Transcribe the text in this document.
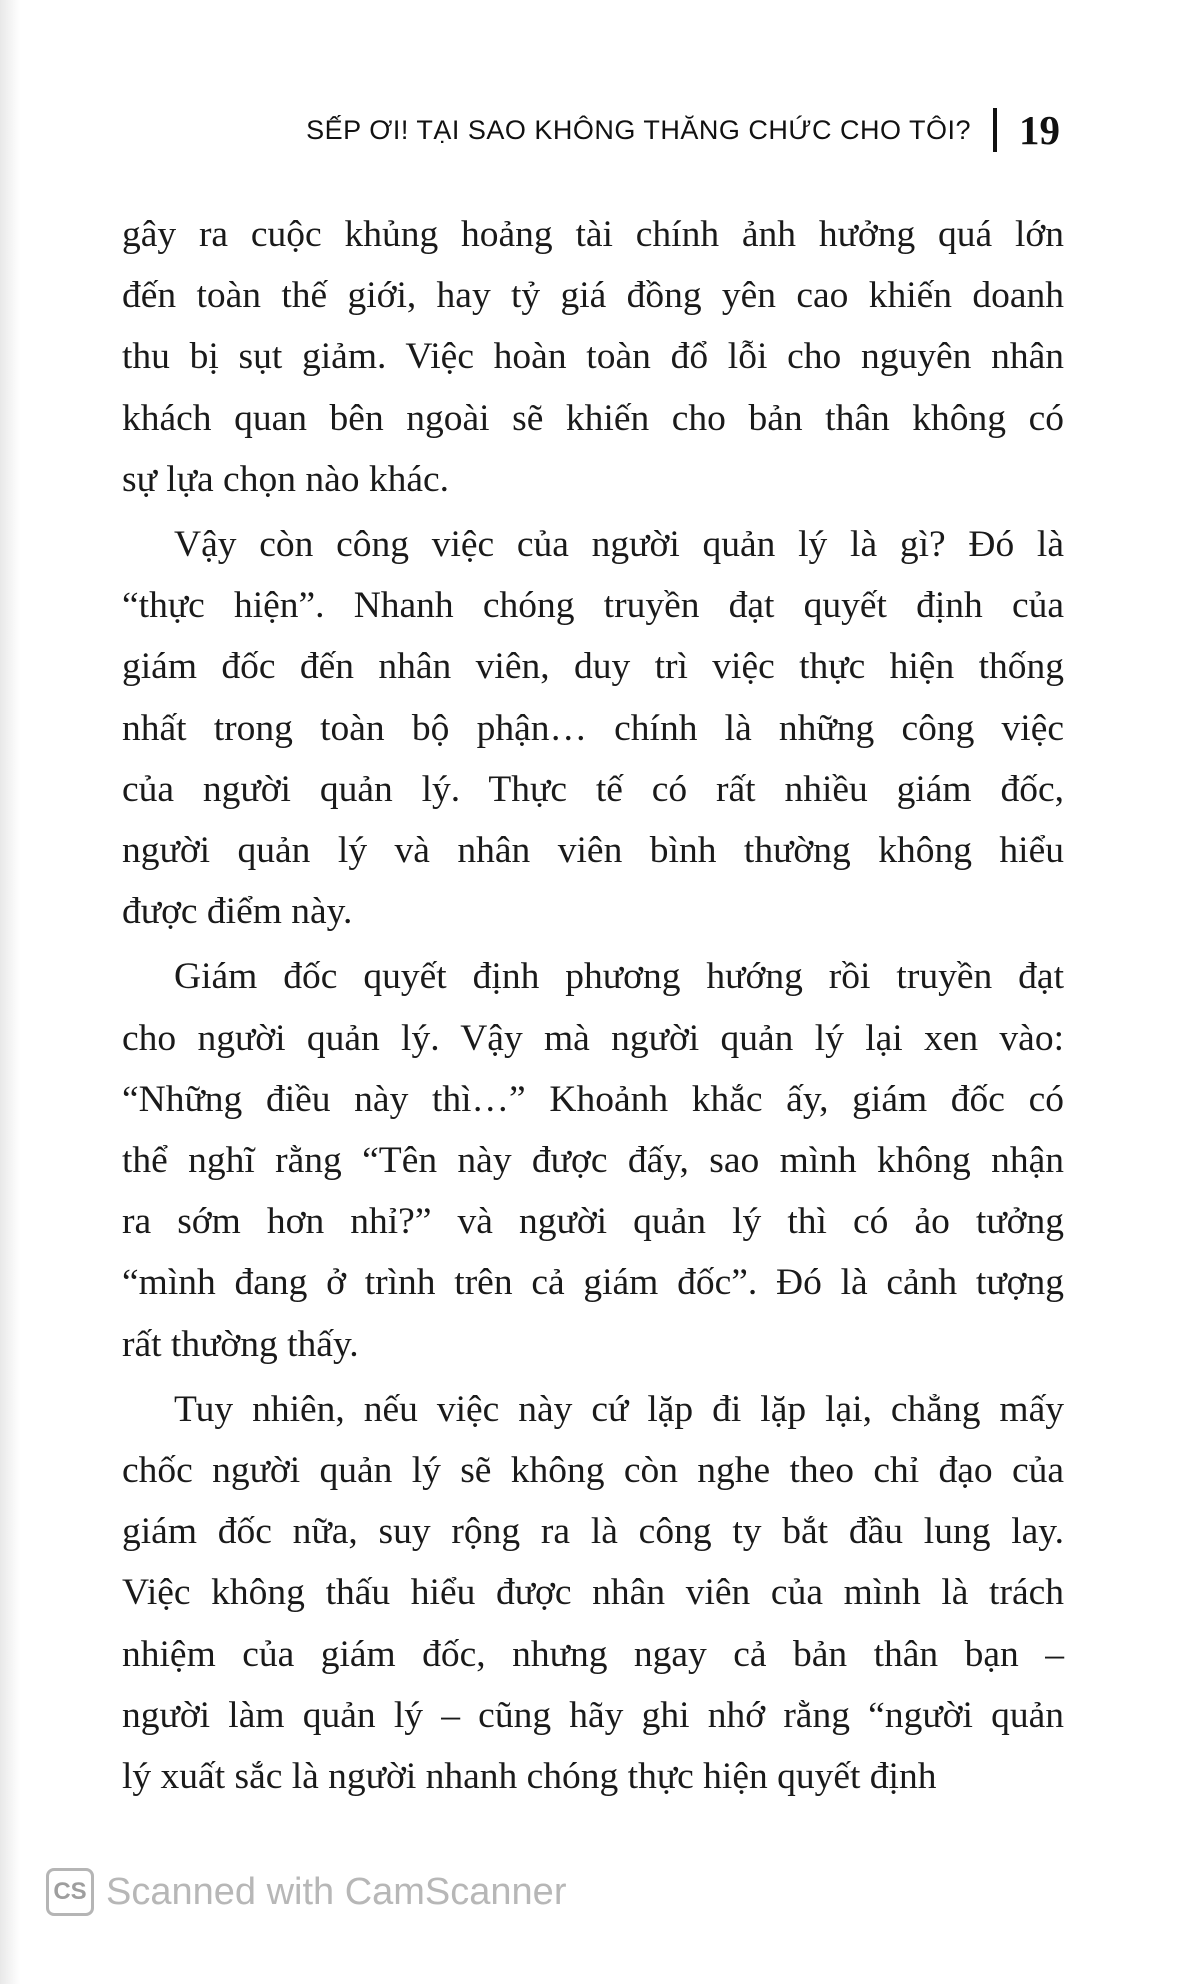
SẾP ƠI! TẠI SAO KHÔNG THĂNG CHỨC CHO TÔI? 19

gây ra cuộc khủng hoảng tài chính ảnh hưởng quá lớn
đến toàn thế giới, hay tỷ giá đồng yên cao khiến doanh
thu bị sụt giảm. Việc hoàn toàn đổ lỗi cho nguyên nhân
khách quan bên ngoài sẽ khiến cho bản thân không có
sự lựa chọn nào khác.

Vậy còn công việc của người quản lý là gì? Đó là
“thực hiện”. Nhanh chóng truyền đạt quyết định của
giám đốc đến nhân viên, duy trì việc thực hiện thống
nhất trong toàn bộ phận… chính là những công việc
của người quản lý. Thực tế có rất nhiều giám đốc,
người quản lý và nhân viên bình thường không hiểu
được điểm này.

Giám đốc quyết định phương hướng rồi truyền đạt
cho người quản lý. Vậy mà người quản lý lại xen vào:
“Những điều này thì…” Khoảnh khắc ấy, giám đốc có
thể nghĩ rằng “Tên này được đấy, sao mình không nhận
ra sớm hơn nhỉ?” và người quản lý thì có ảo tưởng
“mình đang ở trình trên cả giám đốc”. Đó là cảnh tượng
rất thường thấy.

Tuy nhiên, nếu việc này cứ lặp đi lặp lại, chẳng mấy
chốc người quản lý sẽ không còn nghe theo chỉ đạo của
giám đốc nữa, suy rộng ra là công ty bắt đầu lung lay.
Việc không thấu hiểu được nhân viên của mình là trách
nhiệm của giám đốc, nhưng ngay cả bản thân bạn –
người làm quản lý – cũng hãy ghi nhớ rằng “người quản
lý xuất sắc là người nhanh chóng thực hiện quyết định

CS Scanned with CamScanner
